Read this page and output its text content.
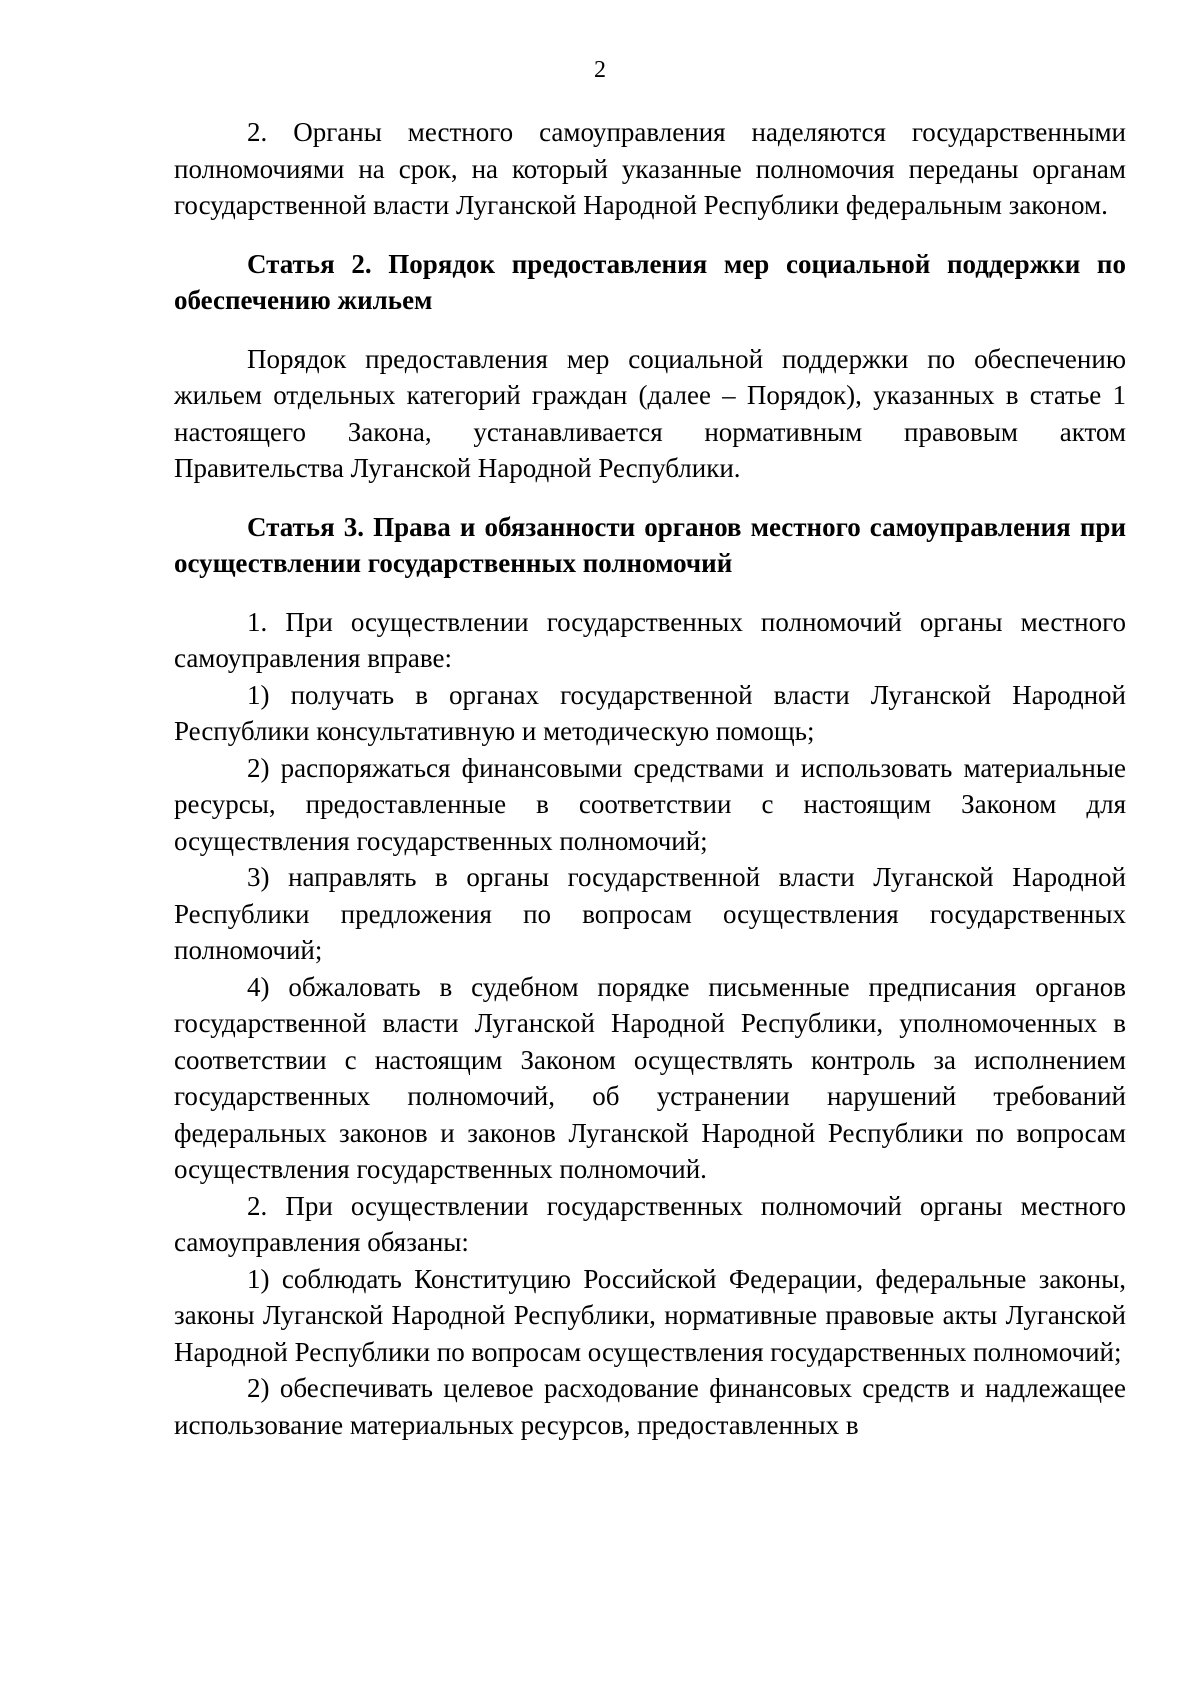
2

2. Органы местного самоуправления наделяются государственными полномочиями на срок, на который указанные полномочия переданы органам государственной власти Луганской Народной Республики федеральным законом.

Статья 2. Порядок предоставления мер социальной поддержки по обеспечению жильем

Порядок предоставления мер социальной поддержки по обеспечению жильем отдельных категорий граждан (далее – Порядок), указанных в статье 1 настоящего Закона, устанавливается нормативным правовым актом Правительства Луганской Народной Республики.

Статья 3. Права и обязанности органов местного самоуправления при осуществлении государственных полномочий

1. При осуществлении государственных полномочий органы местного самоуправления вправе:

1) получать в органах государственной власти Луганской Народной Республики консультативную и методическую помощь;

2) распоряжаться финансовыми средствами и использовать материальные ресурсы, предоставленные в соответствии с настоящим Законом для осуществления государственных полномочий;

3) направлять в органы государственной власти Луганской Народной Республики предложения по вопросам осуществления государственных полномочий;

4) обжаловать в судебном порядке письменные предписания органов государственной власти Луганской Народной Республики, уполномоченных в соответствии с настоящим Законом осуществлять контроль за исполнением государственных полномочий, об устранении нарушений требований федеральных законов и законов Луганской Народной Республики по вопросам осуществления государственных полномочий.

2. При осуществлении государственных полномочий органы местного самоуправления обязаны:

1) соблюдать Конституцию Российской Федерации, федеральные законы, законы Луганской Народной Республики, нормативные правовые акты Луганской Народной Республики по вопросам осуществления государственных полномочий;

2) обеспечивать целевое расходование финансовых средств и надлежащее использование материальных ресурсов, предоставленных в
